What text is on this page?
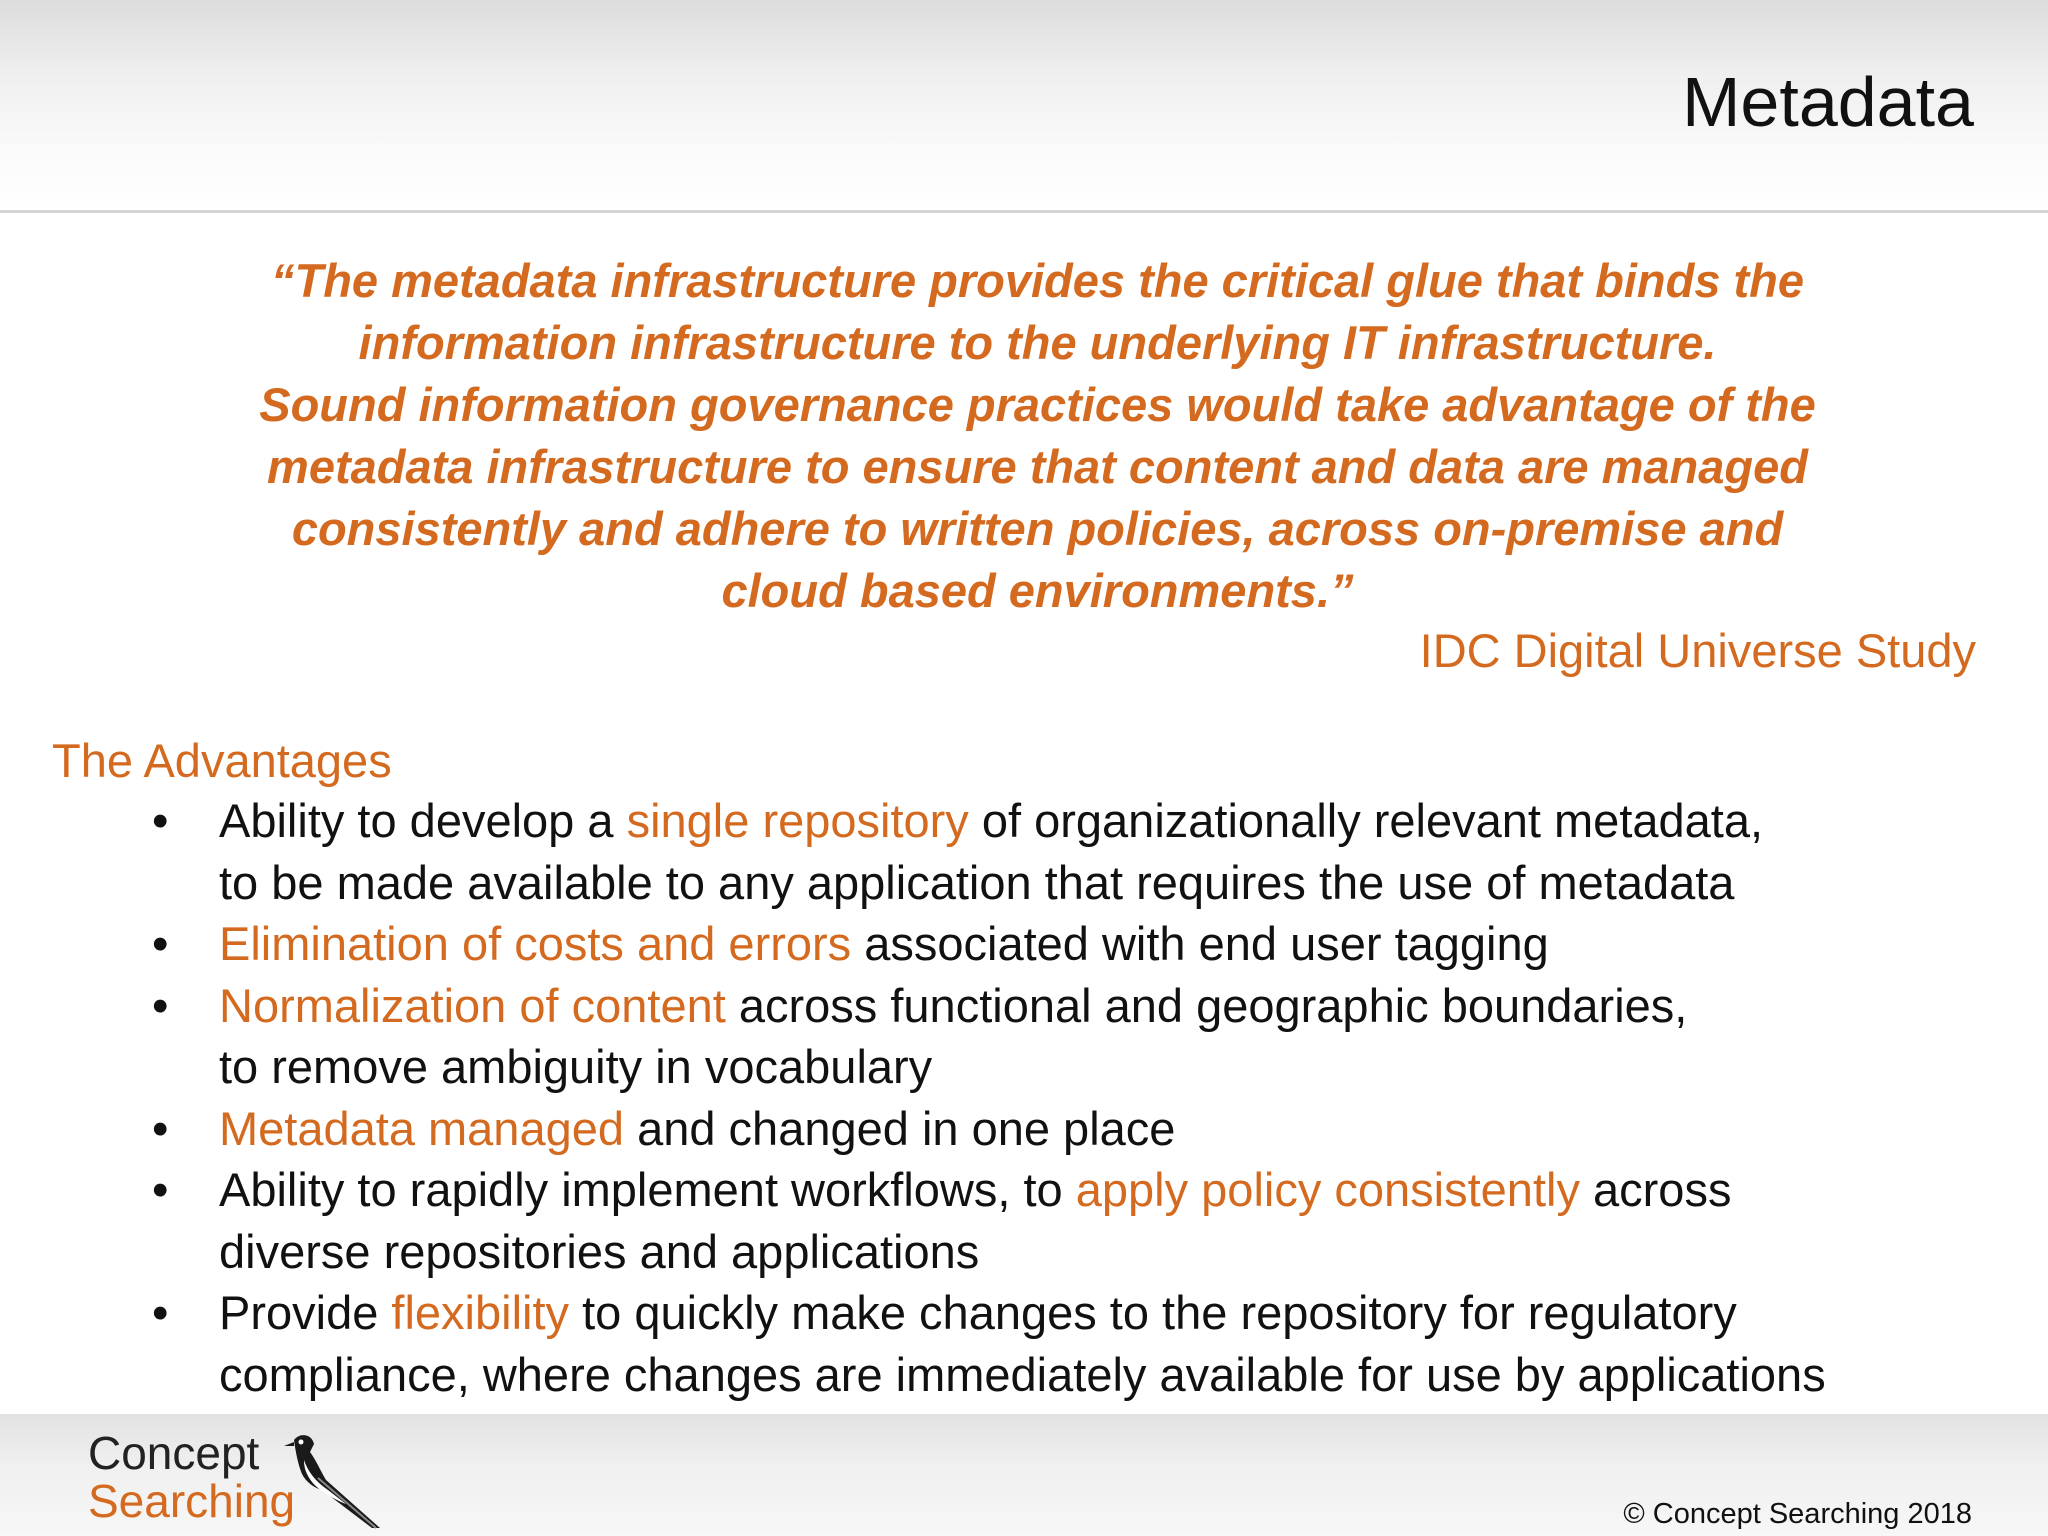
Metadata
“The metadata infrastructure provides the critical glue that binds the
information infrastructure to the underlying IT infrastructure.
Sound information governance practices would take advantage of the
metadata infrastructure to ensure that content and data are managed
consistently and adhere to written policies, across on-premise and
cloud based environments.”
IDC Digital Universe Study
The Advantages
• Ability to develop a single repository of organizationally relevant metadata,
to be made available to any application that requires the use of metadata
• Elimination of costs and errors associated with end user tagging
• Normalization of content across functional and geographic boundaries,
to remove ambiguity in vocabulary
• Metadata managed and changed in one place
• Ability to rapidly implement workflows, to apply policy consistently across
diverse repositories and applications
• Provide flexibility to quickly make changes to the repository for regulatory
compliance, where changes are immediately available for use by applications
Concept
Searching	© Concept Searching 2018
